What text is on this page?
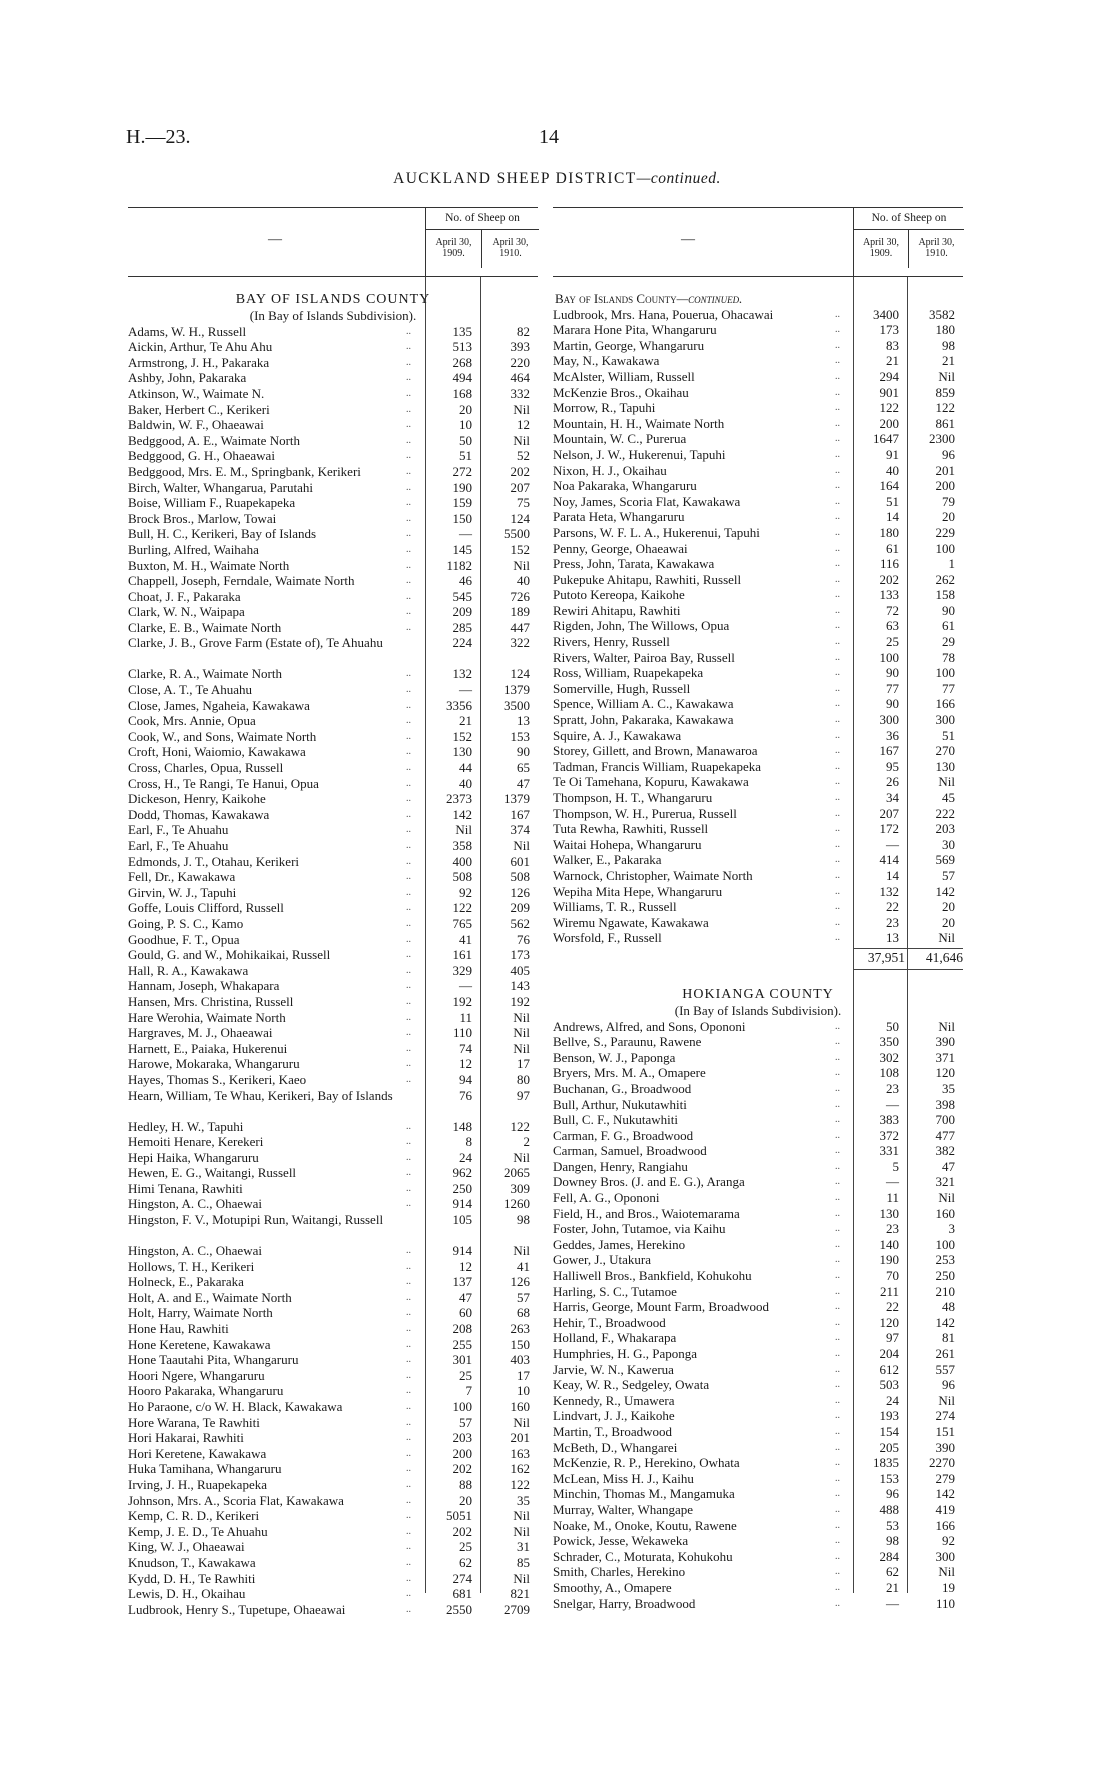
H.—23.	14
AUCKLAND SHEEP DISTRICT—continued.
—
No. of Sheep on
April 30, 1909.
April 30, 1910.
BAY OF ISLANDS COUNTY
(In Bay of Islands Subdivision).
Adams, W. H., Russell	..	135	82
Aickin, Arthur, Te Ahu Ahu	..	513	393
Armstrong, J. H., Pakaraka	..	268	220
Ashby, John, Pakaraka	..	494	464
Atkinson, W., Waimate N.	..	168	332
Baker, Herbert C., Kerikeri	..	20	Nil
Baldwin, W. F., Ohaeawai	..	10	12
Bedggood, A. E., Waimate North	..	50	Nil
Bedggood, G. H., Ohaeawai	..	51	52
Bedggood, Mrs. E. M., Springbank, Kerikeri	..	272	202
Birch, Walter, Whangarua, Parutahi	..	190	207
Boise, William F., Ruapekapeka	..	159	75
Brock Bros., Marlow, Towai	..	150	124
Bull, H. C., Kerikeri, Bay of Islands	..	— 5500
Burling, Alfred, Waihaha	..	145	152
Buxton, M. H., Waimate North	..	1182	Nil
Chappell, Joseph, Ferndale, Waimate North	..	46	40
Choat, J. F., Pakaraka	..	545	726
Clark, W. N., Waipapa	..	209	189
Clarke, E. B., Waimate North	..	285	447
Clarke, J. B., Grove Farm (Estate of), Te Ahuahu	224	322
Clarke, R. A., Waimate North	..	132	124
Close, A. T., Te Ahuahu	..	— 1379
Close, James, Ngaheia, Kawakawa	..	3356 3500
Cook, Mrs. Annie, Opua	..	21	13
Cook, W., and Sons, Waimate North	..	152	153
Croft, Honi, Waiomio, Kawakawa	..	130	90
Cross, Charles, Opua, Russell	..	44	65
Cross, H., Te Rangi, Te Hanui, Opua	..	40	47
Dickeson, Henry, Kaikohe	..	2373 1379
Dodd, Thomas, Kawakawa	..	142	167
Earl, F., Te Ahuahu	..	Nil	374
Earl, F., Te Ahuahu	..	358	Nil
Edmonds, J. T., Otahau, Kerikeri	..	400	601
Fell, Dr., Kawakawa	..	508	508
Girvin, W. J., Tapuhi	..	92	126
Goffe, Louis Clifford, Russell	..	122	209
Going, P. S. C., Kamo	..	765	562
Goodhue, F. T., Opua	..	41	76
Gould, G. and W., Mohikaikai, Russell	..	161	173
Hall, R. A., Kawakawa	..	329	405
Hannam, Joseph, Whakapara	..	—	143
Hansen, Mrs. Christina, Russell	..	192	192
Hare Werohia, Waimate North	..	11	Nil
Hargraves, M. J., Ohaeawai	..	110	Nil
Harnett, E., Paiaka, Hukerenui	..	74	Nil
Harowe, Mokaraka, Whangaruru	..	12	17
Hayes, Thomas S., Kerikeri, Kaeo	..	94	80
Hearn, William, Te Whau, Kerikeri, Bay of Islands	76	97
Hedley, H. W., Tapuhi	..	148	122
Hemoiti Henare, Kerekeri	..	8	2
Hepi Haika, Whangaruru	..	24	Nil
Hewen, E. G., Waitangi, Russell	..	962 2065
Himi Tenana, Rawhiti	..	250	309
Hingston, A. C., Ohaewai	..	914 1260
Hingston, F. V., Motupipi Run, Waitangi, Russell	105	98
Hingston, A. C., Ohaewai	..	914	Nil
Hollows, T. H., Kerikeri	..	12	41
Holneck, E., Pakaraka	..	137	126
Holt, A. and E., Waimate North	..	47	57
Holt, Harry, Waimate North	..	60	68
Hone Hau, Rawhiti	..	208	263
Hone Keretene, Kawakawa	..	255	150
Hone Taautahi Pita, Whangaruru	..	301	403
Hoori Ngere, Whangaruru	..	25	17
Hooro Pakaraka, Whangaruru	..	7	10
Ho Paraone, c/o W. H. Black, Kawakawa	..	100	160
Hore Warana, Te Rawhiti	..	57	Nil
Hori Hakarai, Rawhiti	..	203	201
Hori Keretene, Kawakawa	..	200	163
Huka Tamihana, Whangaruru	..	202	162
Irving, J. H., Ruapekapeka	..	88	122
Johnson, Mrs. A., Scoria Flat, Kawakawa	..	20	35
Kemp, C. R. D., Kerikeri	..	5051	Nil
Kemp, J. E. D., Te Ahuahu	..	202	Nil
King, W. J., Ohaeawai	..	25	31
Knudson, T., Kawakawa	..	62	85
Kydd, D. H., Te Rawhiti	..	274	Nil
Lewis, D. H., Okaihau	..	681	821
Ludbrook, Henry S., Tupetupe, Ohaeawai	..	2550 2709
—
No. of Sheep on
April 30, 1909.
April 30, 1910.
Bay of Islands County—continued.
Ludbrook, Mrs. Hana, Pouerua, Ohacawai	..	3400 3582
Marara Hone Pita, Whangaruru	..	173	180
Martin, George, Whangaruru	..	83	98
May, N., Kawakawa	..	21	21
McAlster, William, Russell	..	294	Nil
McKenzie Bros., Okaihau	..	901	859
Morrow, R., Tapuhi	..	122	122
Mountain, H. H., Waimate North	..	200	861
Mountain, W. C., Purerua	..	1647 2300
Nelson, J. W., Hukerenui, Tapuhi	..	91	96
Nixon, H. J., Okaihau	..	40	201
Noa Pakaraka, Whangaruru	..	164	200
Noy, James, Scoria Flat, Kawakawa	..	51	79
Parata Heta, Whangaruru	..	14	20
Parsons, W. F. L. A., Hukerenui, Tapuhi	..	180	229
Penny, George, Ohaeawai	..	61	100
Press, John, Tarata, Kawakawa	..	116	1
Pukepuke Ahitapu, Rawhiti, Russell	..	202	262
Putoto Kereopa, Kaikohe	..	133	158
Rewiri Ahitapu, Rawhiti	..	72	90
Rigden, John, The Willows, Opua	..	63	61
Rivers, Henry, Russell	..	25	29
Rivers, Walter, Pairoa Bay, Russell	..	100	78
Ross, William, Ruapekapeka	..	90	100
Somerville, Hugh, Russell	..	77	77
Spence, William A. C., Kawakawa	..	90	166
Spratt, John, Pakaraka, Kawakawa	..	300	300
Squire, A. J., Kawakawa	..	36	51
Storey, Gillett, and Brown, Manawaroa	..	167	270
Tadman, Francis William, Ruapekapeka	..	95	130
Te Oi Tamehana, Kopuru, Kawakawa	..	26	Nil
Thompson, H. T., Whangaruru	..	34	45
Thompson, W. H., Purerua, Russell	..	207	222
Tuta Rewha, Rawhiti, Russell	..	172	203
Waitai Hohepa, Whangaruru	..	—	30
Walker, E., Pakaraka	..	414	569
Warnock, Christopher, Waimate North	..	14	57
Wepiha Mita Hepe, Whangaruru	..	132	142
Williams, T. R., Russell	..	22	20
Wiremu Ngawate, Kawakawa	..	23	20
Worsfold, F., Russell	..	13	Nil
37,951 41,646
HOKIANGA COUNTY
(In Bay of Islands Subdivision).
Andrews, Alfred, and Sons, Opononi	..	50	Nil
Bellve, S., Paraunu, Rawene	..	350	390
Benson, W. J., Paponga	..	302	371
Bryers, Mrs. M. A., Omapere	..	108	120
Buchanan, G., Broadwood	..	23	35
Bull, Arthur, Nukutawhiti	..	—	398
Bull, C. F., Nukutawhiti	..	383	700
Carman, F. G., Broadwood	..	372	477
Carman, Samuel, Broadwood	..	331	382
Dangen, Henry, Rangiahu	..	5	47
Downey Bros. (J. and E. G.), Aranga	..	—	321
Fell, A. G., Opononi	..	11	Nil
Field, H., and Bros., Waiotemarama	..	130	160
Foster, John, Tutamoe, via Kaihu	..	23	3
Geddes, James, Herekino	..	140	100
Gower, J., Utakura	..	190	253
Halliwell Bros., Bankfield, Kohukohu	..	70	250
Harling, S. C., Tutamoe	..	211	210
Harris, George, Mount Farm, Broadwood	..	22	48
Hehir, T., Broadwood	..	120	142
Holland, F., Whakarapa	..	97	81
Humphries, H. G., Paponga	..	204	261
Jarvie, W. N., Kawerua	..	612	557
Keay, W. R., Sedgeley, Owata	..	503	96
Kennedy, R., Umawera	..	24	Nil
Lindvart, J. J., Kaikohe	..	193	274
Martin, T., Broadwood	..	154	151
McBeth, D., Whangarei	..	205	390
McKenzie, R. P., Herekino, Owhata	..	1835 2270
McLean, Miss H. J., Kaihu	..	153	279
Minchin, Thomas M., Mangamuka	..	96	142
Murray, Walter, Whangape	..	488	419
Noake, M., Onoke, Koutu, Rawene	..	53	166
Powick, Jesse, Wekaweka	..	98	92
Schrader, C., Moturata, Kohukohu	..	284	300
Smith, Charles, Herekino	..	62	Nil
Smoothy, A., Omapere	..	21	19
Snelgar, Harry, Broadwood	..	—	110
